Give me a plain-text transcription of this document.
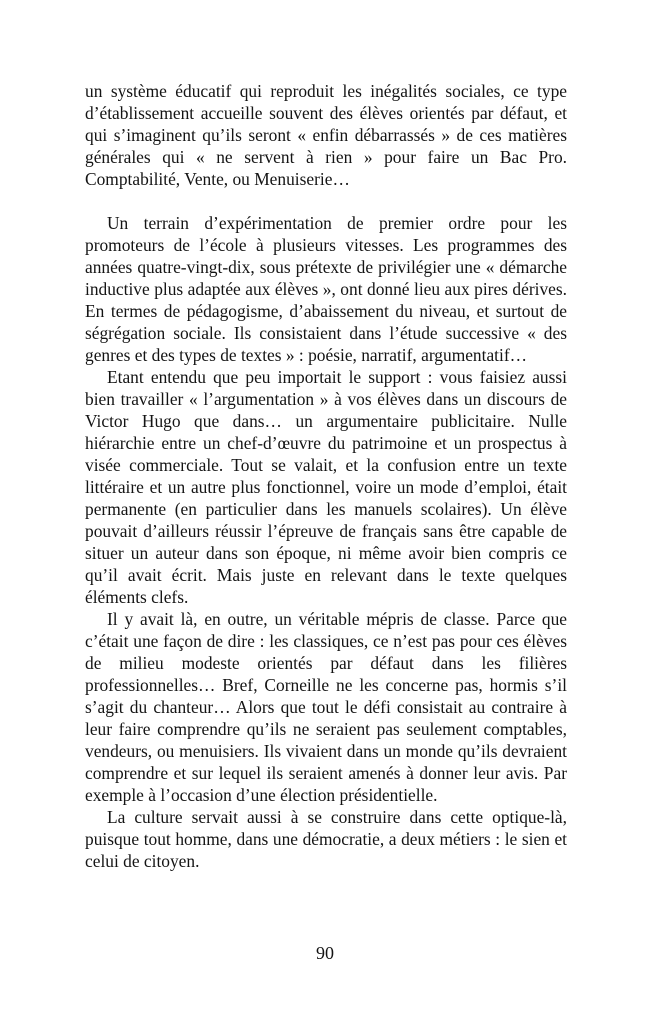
un système éducatif qui reproduit les inégalités sociales, ce type d’établissement accueille souvent des élèves orientés par défaut, et qui s’imaginent qu’ils seront « enfin débarrassés » de ces matières générales qui « ne servent à rien » pour faire un Bac Pro. Comptabilité, Vente, ou Menuiserie…

Un terrain d’expérimentation de premier ordre pour les promoteurs de l’école à plusieurs vitesses. Les programmes des années quatre-vingt-dix, sous prétexte de privilégier une « démarche inductive plus adaptée aux élèves », ont donné lieu aux pires dérives. En termes de pédagogisme, d’abaissement du niveau, et surtout de ségrégation sociale. Ils consistaient dans l’étude successive « des genres et des types de textes » : poésie, narratif, argumentatif…

Etant entendu que peu importait le support : vous faisiez aussi bien travailler « l’argumentation » à vos élèves dans un discours de Victor Hugo que dans… un argumentaire publicitaire. Nulle hiérarchie entre un chef-d’œuvre du patrimoine et un prospectus à visée commerciale. Tout se valait, et la confusion entre un texte littéraire et un autre plus fonctionnel, voire un mode d’emploi, était permanente (en particulier dans les manuels scolaires). Un élève pouvait d’ailleurs réussir l’épreuve de français sans être capable de situer un auteur dans son époque, ni même avoir bien compris ce qu’il avait écrit. Mais juste en relevant dans le texte quelques éléments clefs.

Il y avait là, en outre, un véritable mépris de classe. Parce que c’était une façon de dire : les classiques, ce n’est pas pour ces élèves de milieu modeste orientés par défaut dans les filières professionnelles… Bref, Corneille ne les concerne pas, hormis s’il s’agit du chanteur… Alors que tout le défi consistait au contraire à leur faire comprendre qu’ils ne seraient pas seulement comptables, vendeurs, ou menuisiers. Ils vivaient dans un monde qu’ils devraient comprendre et sur lequel ils seraient amenés à donner leur avis. Par exemple à l’occasion d’une élection présidentielle.

La culture servait aussi à se construire dans cette optique-là, puisque tout homme, dans une démocratie, a deux métiers : le sien et celui de citoyen.

90
